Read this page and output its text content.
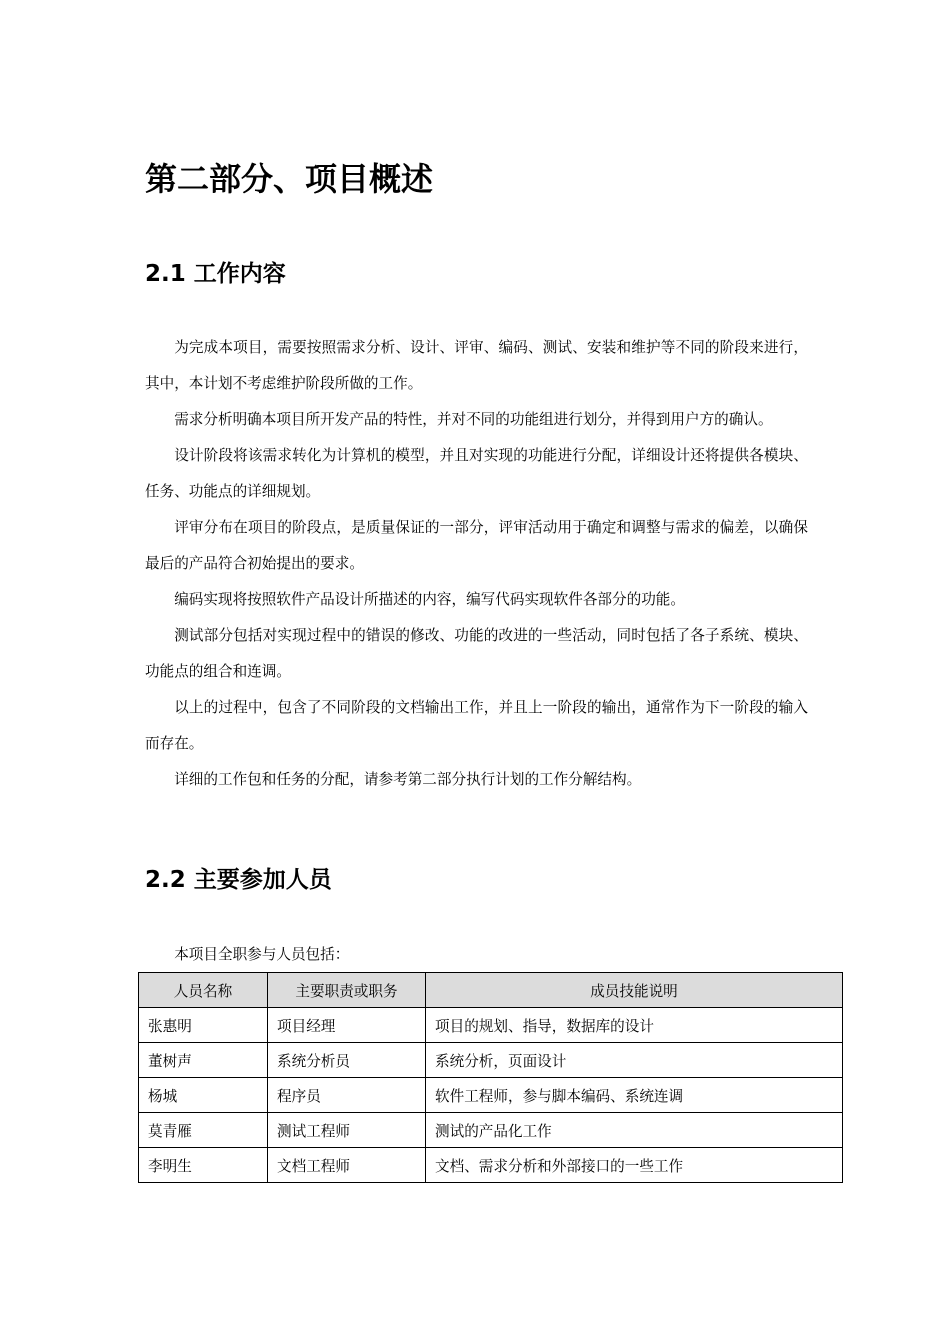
第二部分、项目概述
2.1 工作内容

为完成本项目，需要按照需求分析、设计、评审、编码、测试、安装和维护等不同的阶段来进行，其中，本计划不考虑维护阶段所做的工作。

需求分析明确本项目所开发产品的特性，并对不同的功能组进行划分，并得到用户方的确认。

设计阶段将该需求转化为计算机的模型，并且对实现的功能进行分配，详细设计还将提供各模块、任务、功能点的详细规划。

评审分布在项目的阶段点，是质量保证的一部分，评审活动用于确定和调整与需求的偏差，以确保最后的产品符合初始提出的要求。

编码实现将按照软件产品设计所描述的内容，编写代码实现软件各部分的功能。

测试部分包括对实现过程中的错误的修改、功能的改进的一些活动，同时包括了各子系统、模块、功能点的组合和连调。

以上的过程中，包含了不同阶段的文档输出工作，并且上一阶段的输出，通常作为下一阶段的输入而存在。

详细的工作包和任务的分配，请参考第二部分执行计划的工作分解结构。

2.2 主要参加人员

本项目全职参与人员包括：

人员名称	主要职责或职务	成员技能说明
张惠明	项目经理	项目的规划、指导，数据库的设计
董树声	系统分析员	系统分析，页面设计
杨城	程序员	软件工程师，参与脚本编码、系统连调
莫青雁	测试工程师	测试的产品化工作
李明生	文档工程师	文档、需求分析和外部接口的一些工作
